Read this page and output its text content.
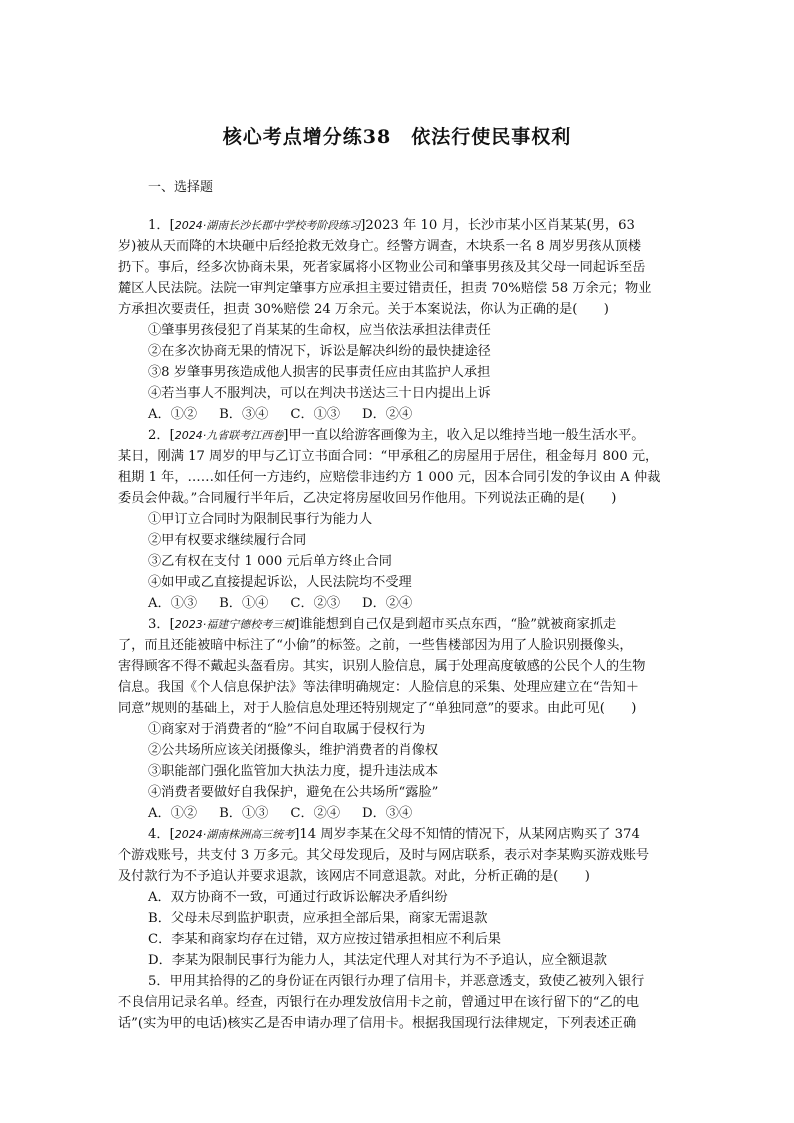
核心考点增分练38　依法行使民事权利
一、选择题
1．[2024·湖南长沙长郡中学校考阶段练习]2023 年 10 月，长沙市某小区肖某某(男，63
岁)被从天而降的木块砸中后经抢救无效身亡。经警方调查，木块系一名 8 周岁男孩从顶楼
扔下。事后，经多次协商未果，死者家属将小区物业公司和肇事男孩及其父母一同起诉至岳
麓区人民法院。法院一审判定肇事方应承担主要过错责任，担责 70%赔偿 58 万余元；物业
方承担次要责任，担责 30%赔偿 24 万余元。关于本案说法，你认为正确的是(　　)
①肇事男孩侵犯了肖某某的生命权，应当依法承担法律责任
②在多次协商无果的情况下，诉讼是解决纠纷的最快捷途径
③8 岁肇事男孩造成他人损害的民事责任应由其监护人承担
④若当事人不服判决，可以在判决书送达三十日内提出上诉
A．①② B．③④ C．①③ D．②④
2．[2024·九省联考江西卷]甲一直以给游客画像为主，收入足以维持当地一般生活水平。
某日，刚满 17 周岁的甲与乙订立书面合同：“甲承租乙的房屋用于居住，租金每月 800 元，
租期 1 年，……如任何一方违约，应赔偿非违约方 1 000 元，因本合同引发的争议由 A 仲裁
委员会仲裁。”合同履行半年后，乙决定将房屋收回另作他用。下列说法正确的是(　　)
①甲订立合同时为限制民事行为能力人
②甲有权要求继续履行合同
③乙有权在支付 1 000 元后单方终止合同
④如甲或乙直接提起诉讼，人民法院均不受理
A．①③ B．①④ C．②③ D．②④
3．[2023·福建宁德校考三模]谁能想到自己仅是到超市买点东西，“脸”就被商家抓走
了，而且还能被暗中标注了“小偷”的标签。之前，一些售楼部因为用了人脸识别摄像头，
害得顾客不得不戴起头盔看房。其实，识别人脸信息，属于处理高度敏感的公民个人的生物
信息。我国《个人信息保护法》等法律明确规定：人脸信息的采集、处理应建立在“告知＋
同意”规则的基础上，对于人脸信息处理还特别规定了“单独同意”的要求。由此可见(　　)
①商家对于消费者的“脸”不问自取属于侵权行为
②公共场所应该关闭摄像头，维护消费者的肖像权
③职能部门强化监管加大执法力度，提升违法成本
④消费者要做好自我保护，避免在公共场所“露脸”
A．①② B．①③ C．②④ D．③④
4．[2024·湖南株洲高三统考]14 周岁李某在父母不知情的情况下，从某网店购买了 374
个游戏账号，共支付 3 万多元。其父母发现后，及时与网店联系，表示对李某购买游戏账号
及付款行为不予追认并要求退款，该网店不同意退款。对此，分析正确的是(　　)
A．双方协商不一致，可通过行政诉讼解决矛盾纠纷
B．父母未尽到监护职责，应承担全部后果，商家无需退款
C．李某和商家均存在过错，双方应按过错承担相应不利后果
D．李某为限制民事行为能力人，其法定代理人对其行为不予追认，应全额退款
5．甲用其拾得的乙的身份证在丙银行办理了信用卡，并恶意透支，致使乙被列入银行
不良信用记录名单。经查，丙银行在办理发放信用卡之前，曾通过甲在该行留下的“乙的电
话”(实为甲的电话)核实乙是否申请办理了信用卡。根据我国现行法律规定，下列表述正确
